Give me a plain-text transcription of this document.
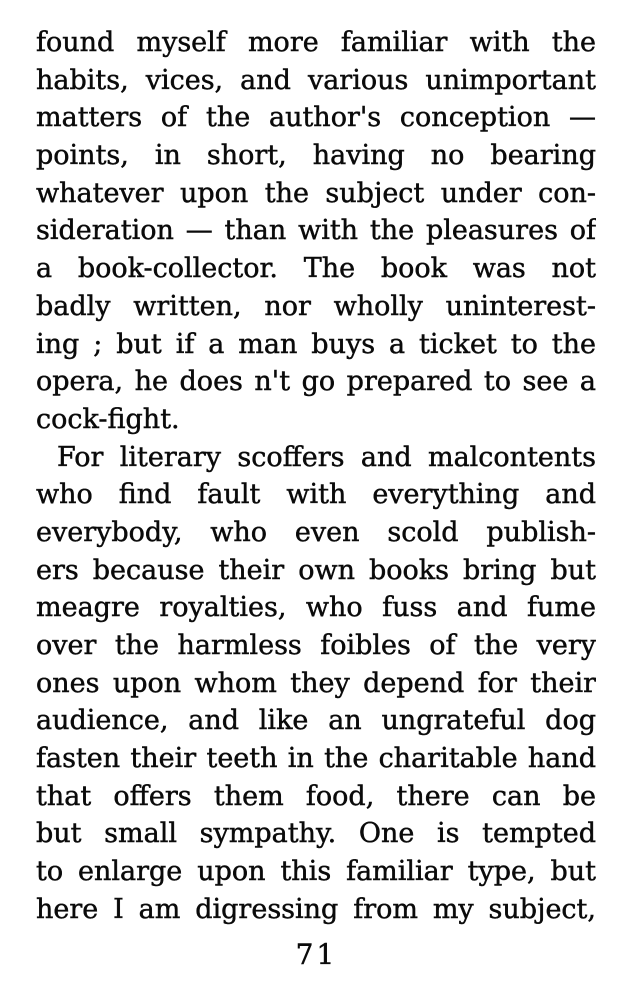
found myself more familiar with the
habits, vices, and various unimportant
matters of the author's conception —
points, in short, having no bearing
whatever upon the subject under con-
sideration — than with the pleasures of
a book-collector. The book was not
badly written, nor wholly uninterest-
ing ; but if a man buys a ticket to the
opera, he does n't go prepared to see a
cock-fight.
For literary scoffers and malcontents
who find fault with everything and
everybody, who even scold publish-
ers because their own books bring but
meagre royalties, who fuss and fume
over the harmless foibles of the very
ones upon whom they depend for their
audience, and like an ungrateful dog
fasten their teeth in the charitable hand
that offers them food, there can be
but small sympathy. One is tempted
to enlarge upon this familiar type, but
here I am digressing from my subject,
71
